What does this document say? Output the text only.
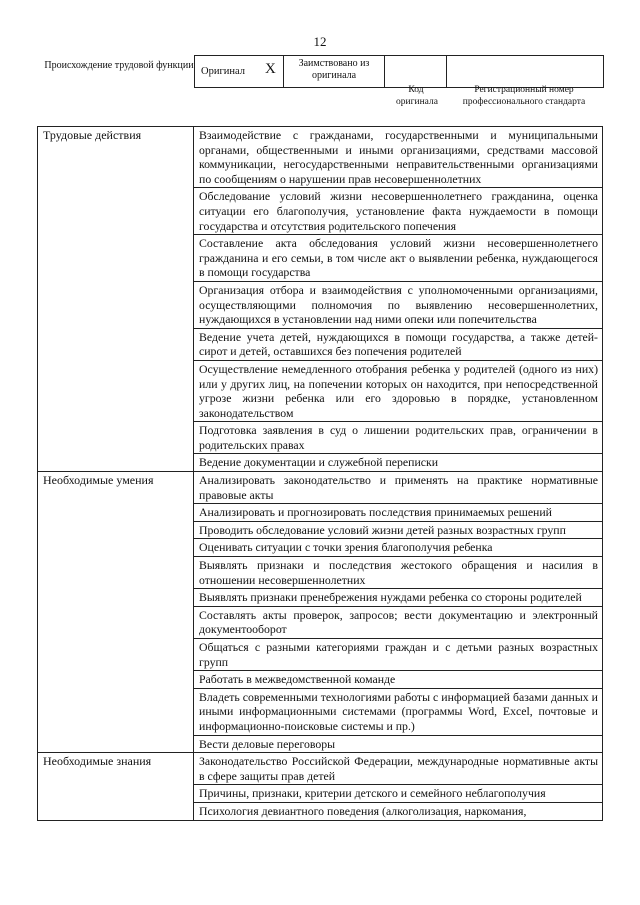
12
Происхождение трудовой функции
Оригинал X	Заимствовано из оригинала
Код оригинала
Регистрационный номер профессионального стандарта
Трудовые действия	Взаимодействие с гражданами, государственными и муниципальными органами, общественными и иными организациями, средствами массовой коммуникации, негосударственными неправительственными организациями по сообщениям о нарушении прав несовершеннолетних
	Обследование условий жизни несовершеннолетнего гражданина, оценка ситуации его благополучия, установление факта нуждаемости в помощи государства и отсутствия родительского попечения
	Составление акта обследования условий жизни несовершеннолетнего гражданина и его семьи, в том числе акт о выявлении ребенка, нуждающегося в помощи государства
	Организация отбора и взаимодействия с уполномоченными организациями, осуществляющими полномочия по выявлению несовершеннолетних, нуждающихся в установлении над ними опеки или попечительства
	Ведение учета детей, нуждающихся в помощи государства, а также детей-сирот и детей, оставшихся без попечения родителей
	Осуществление немедленного отобрания ребенка у родителей (одного из них) или у других лиц, на попечении которых он находится, при непосредственной угрозе жизни ребенка или его здоровью в порядке, установленном законодательством
	Подготовка заявления в суд о лишении родительских прав, ограничении в родительских правах
	Ведение документации и служебной переписки
Необходимые умения	Анализировать законодательство и применять на практике нормативные правовые акты
	Анализировать и прогнозировать последствия принимаемых решений
	Проводить обследование условий жизни детей разных возрастных групп
	Оценивать ситуации с точки зрения благополучия ребенка
	Выявлять признаки и последствия жестокого обращения и насилия в отношении несовершеннолетних
	Выявлять признаки пренебрежения нуждами ребенка со стороны родителей
	Составлять акты проверок, запросов; вести документацию и электронный документооборот
	Общаться с разными категориями граждан и с детьми разных возрастных групп
	Работать в межведомственной команде
	Владеть современными технологиями работы с информацией базами данных и иными информационными системами (программы Word, Excel, почтовые и информационно-поисковые системы и пр.)
	Вести деловые переговоры
Необходимые знания	Законодательство Российской Федерации, международные нормативные акты в сфере защиты прав детей
	Причины, признаки, критерии детского и семейного неблагополучия
	Психология девиантного поведения (алкоголизация, наркомания,
